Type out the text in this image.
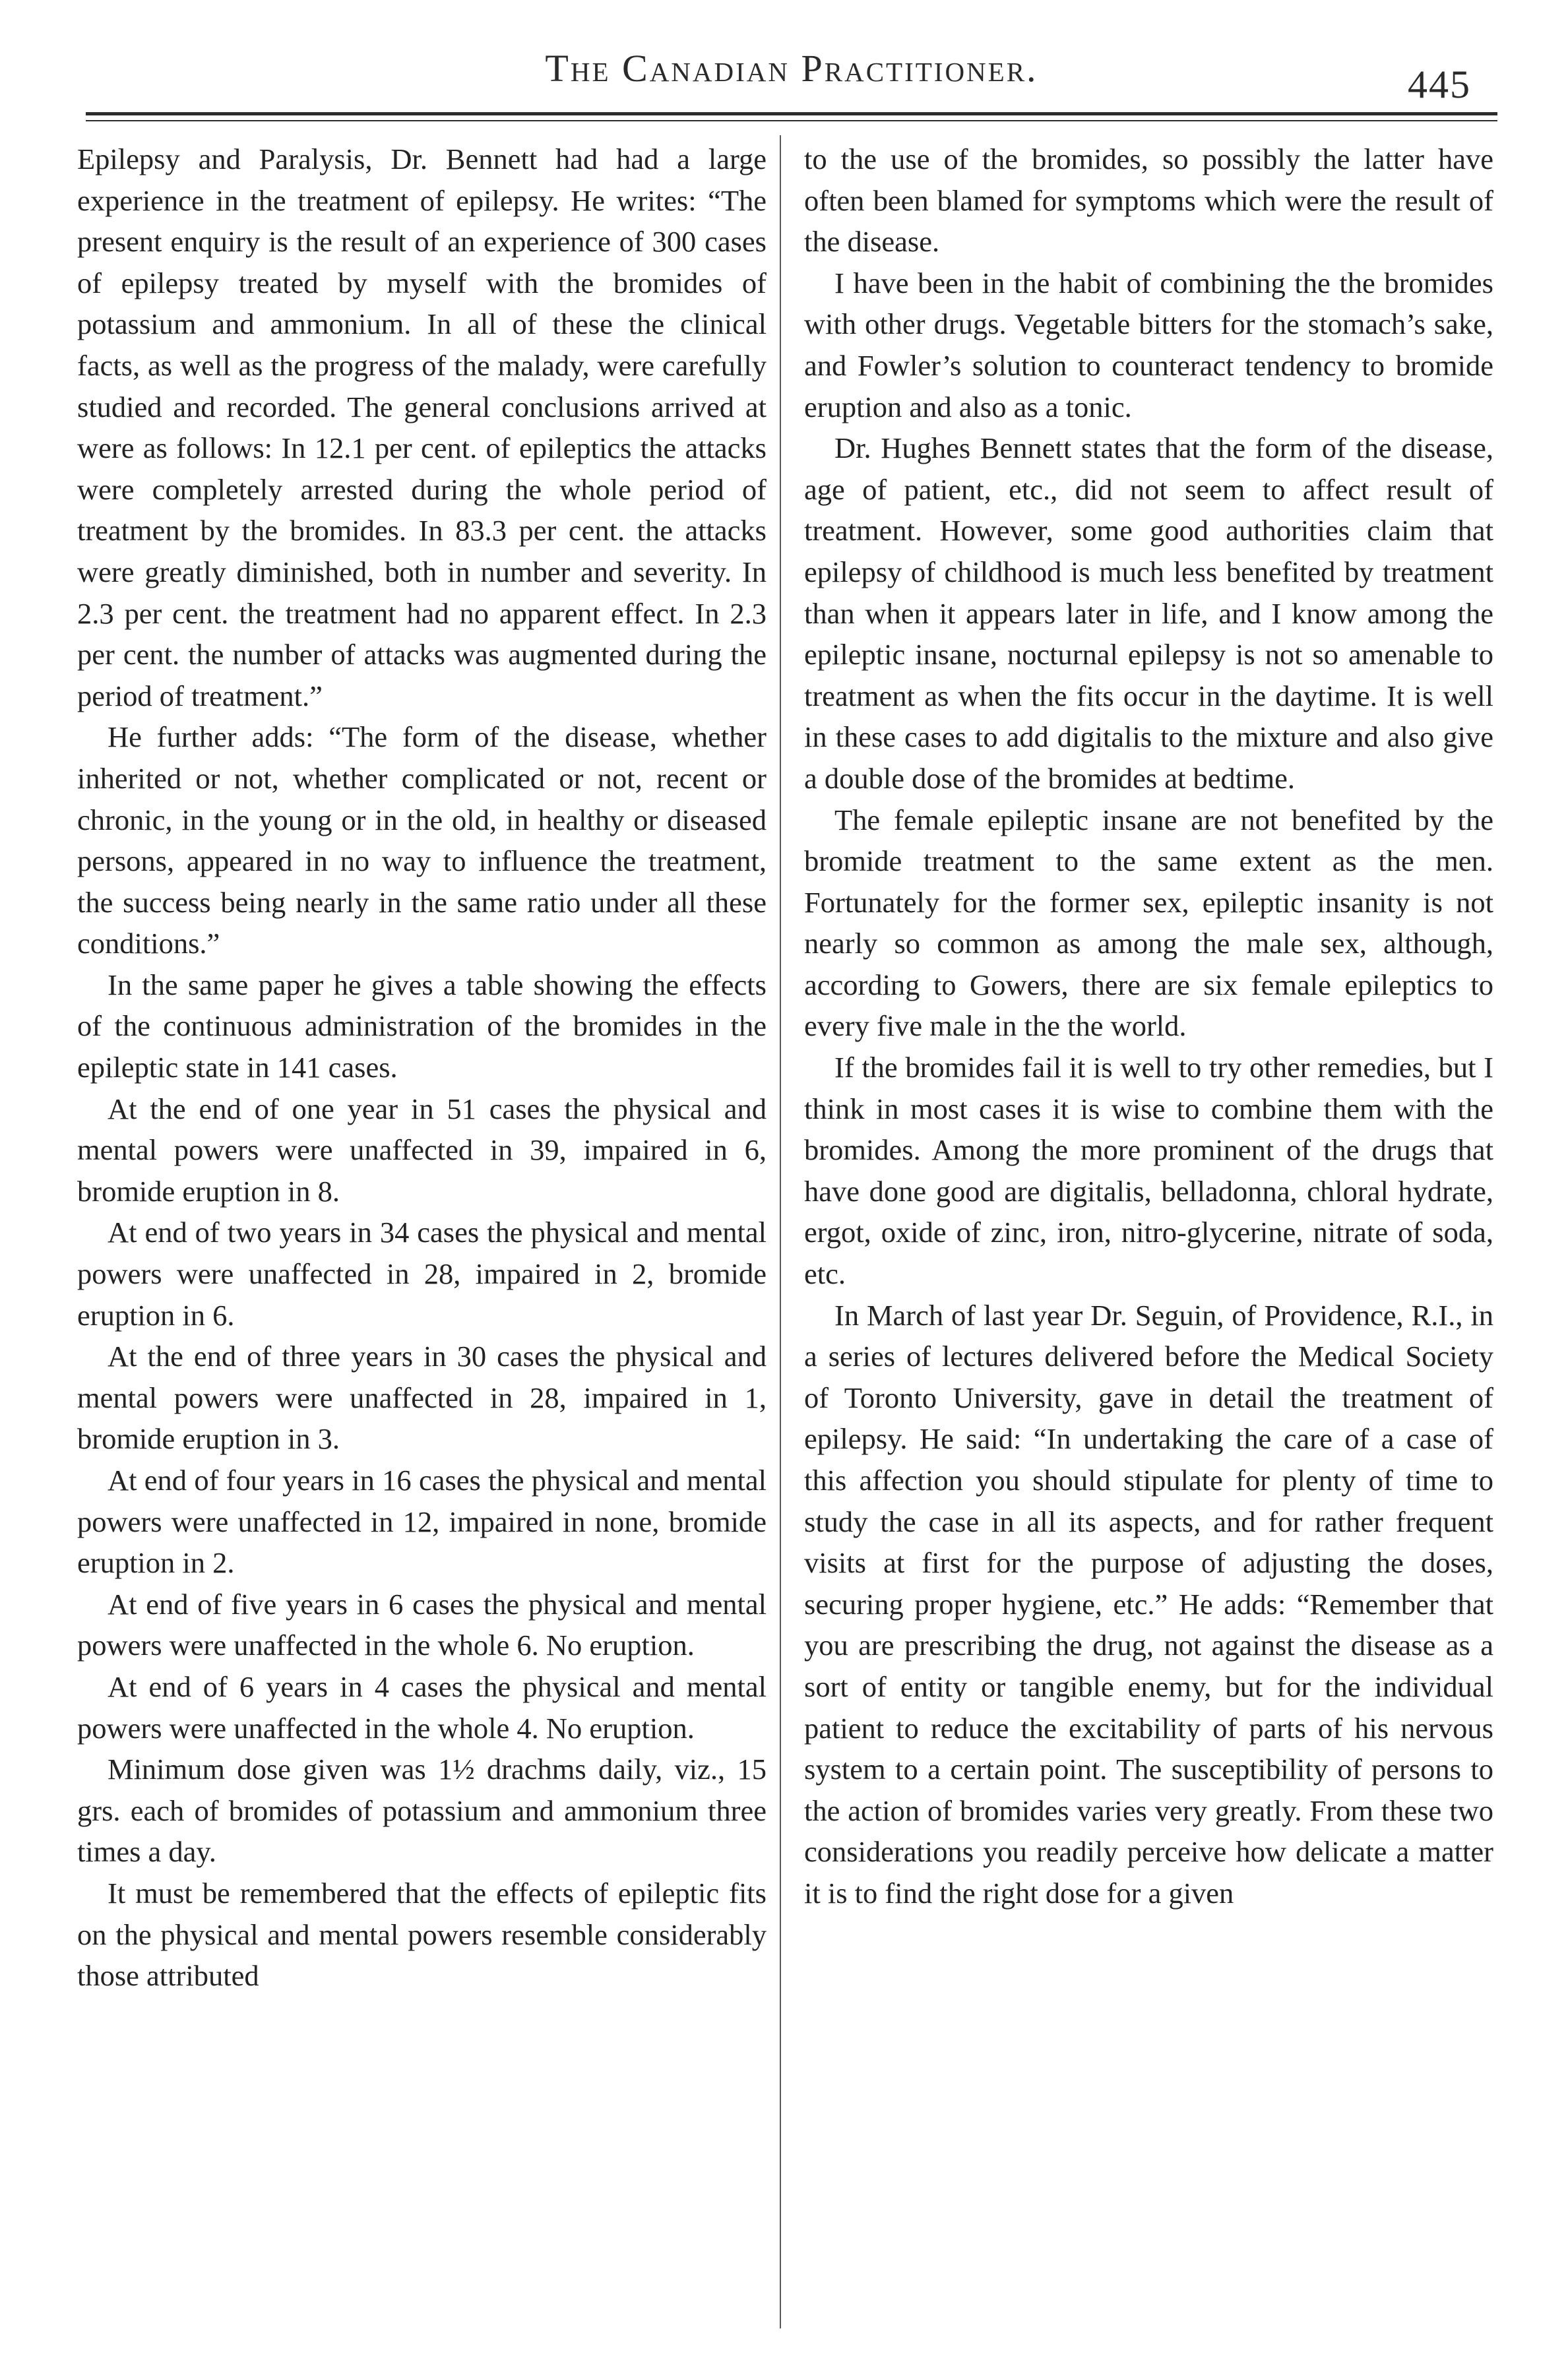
The Canadian Practitioner.	445

Epilepsy and Paralysis, Dr. Bennett had had a large experience in the treatment of epilepsy. He writes: “The present enquiry is the result of an experience of 300 cases of epilepsy treated by myself with the bromides of potassium and ammonium. In all of these the clinical facts, as well as the progress of the malady, were carefully studied and recorded. The general conclusions arrived at were as follows: In 12.1 per cent. of epileptics the attacks were completely arrested during the whole period of treatment by the bromides. In 83.3 per cent. the attacks were greatly diminished, both in number and severity. In 2.3 per cent. the treatment had no apparent effect. In 2.3 per cent. the number of attacks was augmented during the period of treatment.”

He further adds: “The form of the disease, whether inherited or not, whether complicated or not, recent or chronic, in the young or in the old, in healthy or diseased persons, appeared in no way to influence the treatment, the success being nearly in the same ratio under all these conditions.”

In the same paper he gives a table showing the effects of the continuous administration of the bromides in the epileptic state in 141 cases.

At the end of one year in 51 cases the physical and mental powers were unaffected in 39, impaired in 6, bromide eruption in 8.

At end of two years in 34 cases the physical and mental powers were unaffected in 28, impaired in 2, bromide eruption in 6.

At the end of three years in 30 cases the physical and mental powers were unaffected in 28, impaired in 1, bromide eruption in 3.

At end of four years in 16 cases the physical and mental powers were unaffected in 12, impaired in none, bromide eruption in 2.

At end of five years in 6 cases the physical and mental powers were unaffected in the whole 6. No eruption.

At end of 6 years in 4 cases the physical and mental powers were unaffected in the whole 4. No eruption.

Minimum dose given was 1½ drachms daily, viz., 15 grs. each of bromides of potassium and ammonium three times a day.

It must be remembered that the effects of epileptic fits on the physical and mental powers resemble considerably those attributed

to the use of the bromides, so possibly the latter have often been blamed for symptoms which were the result of the disease.

I have been in the habit of combining the the bromides with other drugs. Vegetable bitters for the stomach’s sake, and Fowler’s solution to counteract tendency to bromide eruption and also as a tonic.

Dr. Hughes Bennett states that the form of the disease, age of patient, etc., did not seem to affect result of treatment. However, some good authorities claim that epilepsy of childhood is much less benefited by treatment than when it appears later in life, and I know among the epileptic insane, nocturnal epilepsy is not so amenable to treatment as when the fits occur in the daytime. It is well in these cases to add digitalis to the mixture and also give a double dose of the bromides at bedtime.

The female epileptic insane are not benefited by the bromide treatment to the same extent as the men. Fortunately for the former sex, epileptic insanity is not nearly so common as among the male sex, although, according to Gowers, there are six female epileptics to every five male in the the world.

If the bromides fail it is well to try other remedies, but I think in most cases it is wise to combine them with the bromides. Among the more prominent of the drugs that have done good are digitalis, belladonna, chloral hydrate, ergot, oxide of zinc, iron, nitro-glycerine, nitrate of soda, etc.

In March of last year Dr. Seguin, of Providence, R.I., in a series of lectures delivered before the Medical Society of Toronto University, gave in detail the treatment of epilepsy. He said: “In undertaking the care of a case of this affection you should stipulate for plenty of time to study the case in all its aspects, and for rather frequent visits at first for the purpose of adjusting the doses, securing proper hygiene, etc.” He adds: “Remember that you are prescribing the drug, not against the disease as a sort of entity or tangible enemy, but for the individual patient to reduce the excitability of parts of his nervous system to a certain point. The susceptibility of persons to the action of bromides varies very greatly. From these two considerations you readily perceive how delicate a matter it is to find the right dose for a given
